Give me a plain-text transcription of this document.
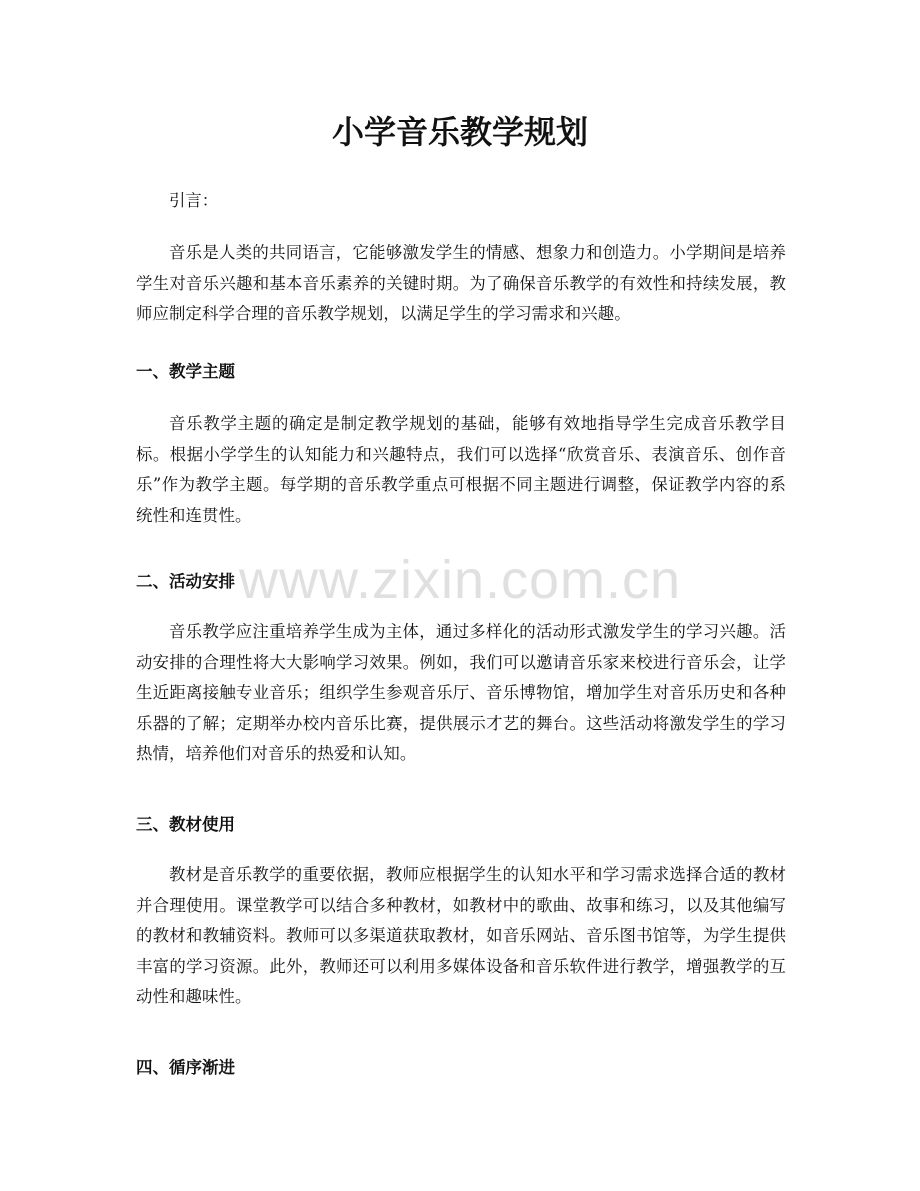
小学音乐教学规划

引言：

音乐是人类的共同语言，它能够激发学生的情感、想象力和创造力。小学期间是培养学生对音乐兴趣和基本音乐素养的关键时期。为了确保音乐教学的有效性和持续发展，教师应制定科学合理的音乐教学规划，以满足学生的学习需求和兴趣。

一、教学主题

音乐教学主题的确定是制定教学规划的基础，能够有效地指导学生完成音乐教学目标。根据小学学生的认知能力和兴趣特点，我们可以选择“欣赏音乐、表演音乐、创作音乐”作为教学主题。每学期的音乐教学重点可根据不同主题进行调整，保证教学内容的系统性和连贯性。

二、活动安排

音乐教学应注重培养学生成为主体，通过多样化的活动形式激发学生的学习兴趣。活动安排的合理性将大大影响学习效果。例如，我们可以邀请音乐家来校进行音乐会，让学生近距离接触专业音乐；组织学生参观音乐厅、音乐博物馆，增加学生对音乐历史和各种乐器的了解；定期举办校内音乐比赛，提供展示才艺的舞台。这些活动将激发学生的学习热情，培养他们对音乐的热爱和认知。

三、教材使用

教材是音乐教学的重要依据，教师应根据学生的认知水平和学习需求选择合适的教材并合理使用。课堂教学可以结合多种教材，如教材中的歌曲、故事和练习，以及其他编写的教材和教辅资料。教师可以多渠道获取教材，如音乐网站、音乐图书馆等，为学生提供丰富的学习资源。此外，教师还可以利用多媒体设备和音乐软件进行教学，增强教学的互动性和趣味性。

四、循序渐进

www.zixin.com.cn
